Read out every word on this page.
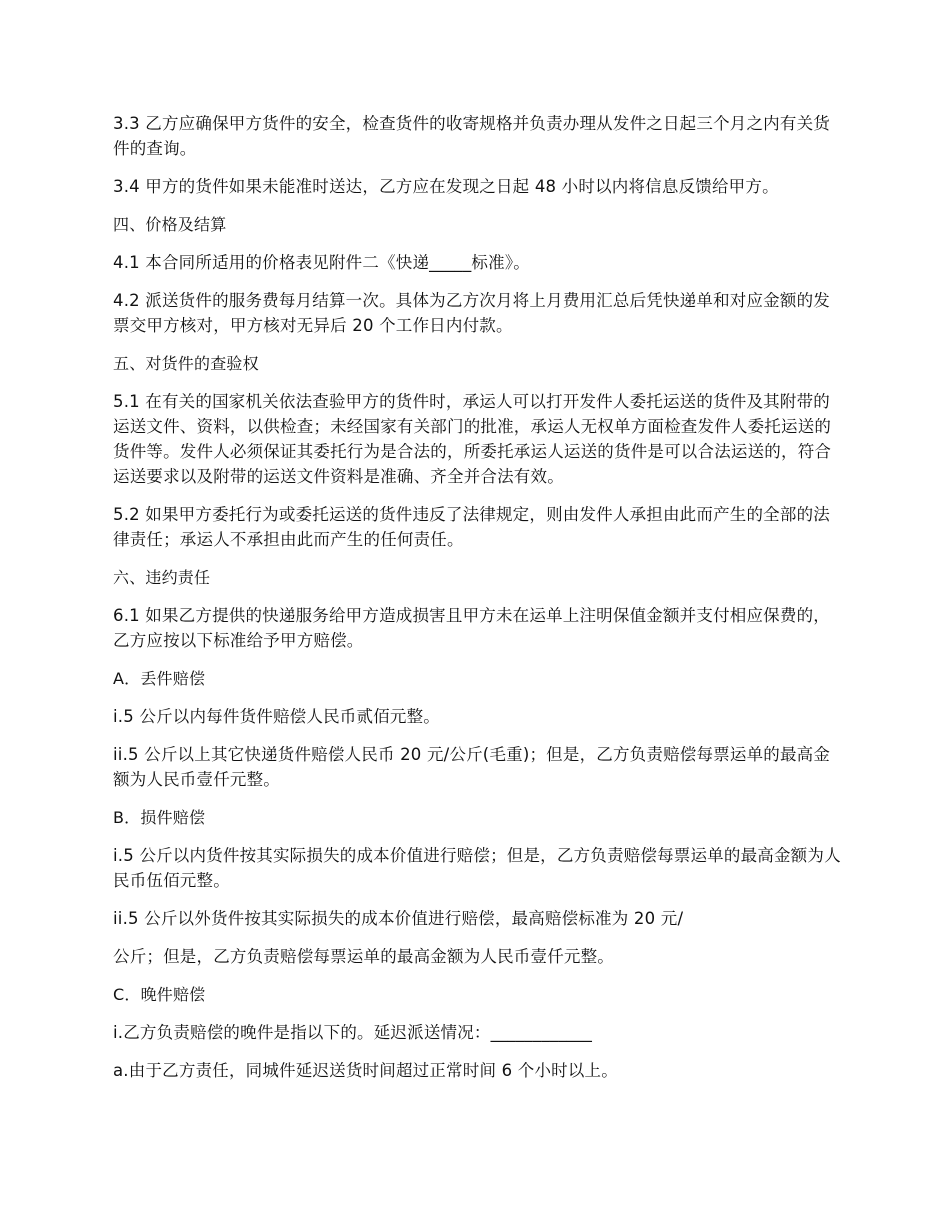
3.3 乙方应确保甲方货件的安全，检查货件的收寄规格并负责办理从发件之日起三个月之内有关货件的查询。

3.4 甲方的货件如果未能准时送达，乙方应在发现之日起 48 小时以内将信息反馈给甲方。

四、价格及结算

4.1 本合同所适用的价格表见附件二《快递_____标准》。

4.2 派送货件的服务费每月结算一次。具体为乙方次月将上月费用汇总后凭快递单和对应金额的发票交甲方核对，甲方核对无异后 20 个工作日内付款。

五、对货件的查验权

5.1 在有关的国家机关依法查验甲方的货件时，承运人可以打开发件人委托运送的货件及其附带的运送文件、资料，以供检查；未经国家有关部门的批准，承运人无权单方面检查发件人委托运送的货件等。发件人必须保证其委托行为是合法的，所委托承运人运送的货件是可以合法运送的，符合运送要求以及附带的运送文件资料是准确、齐全并合法有效。

5.2 如果甲方委托行为或委托运送的货件违反了法律规定，则由发件人承担由此而产生的全部的法律责任；承运人不承担由此而产生的任何责任。

六、违约责任

6.1 如果乙方提供的快递服务给甲方造成损害且甲方未在运单上注明保值金额并支付相应保费的，乙方应按以下标准给予甲方赔偿。

A．丢件赔偿

i.5 公斤以内每件货件赔偿人民币贰佰元整。

ii.5 公斤以上其它快递货件赔偿人民币 20 元/公斤(毛重)；但是，乙方负责赔偿每票运单的最高金额为人民币壹仟元整。

B．损件赔偿

i.5 公斤以内货件按其实际损失的成本价值进行赔偿；但是，乙方负责赔偿每票运单的最高金额为人民币伍佰元整。

ii.5 公斤以外货件按其实际损失的成本价值进行赔偿，最高赔偿标准为 20 元/

公斤；但是，乙方负责赔偿每票运单的最高金额为人民币壹仟元整。

C．晚件赔偿

i.乙方负责赔偿的晚件是指以下的。延迟派送情况：____________

a.由于乙方责任，同城件延迟送货时间超过正常时间 6 个小时以上。
